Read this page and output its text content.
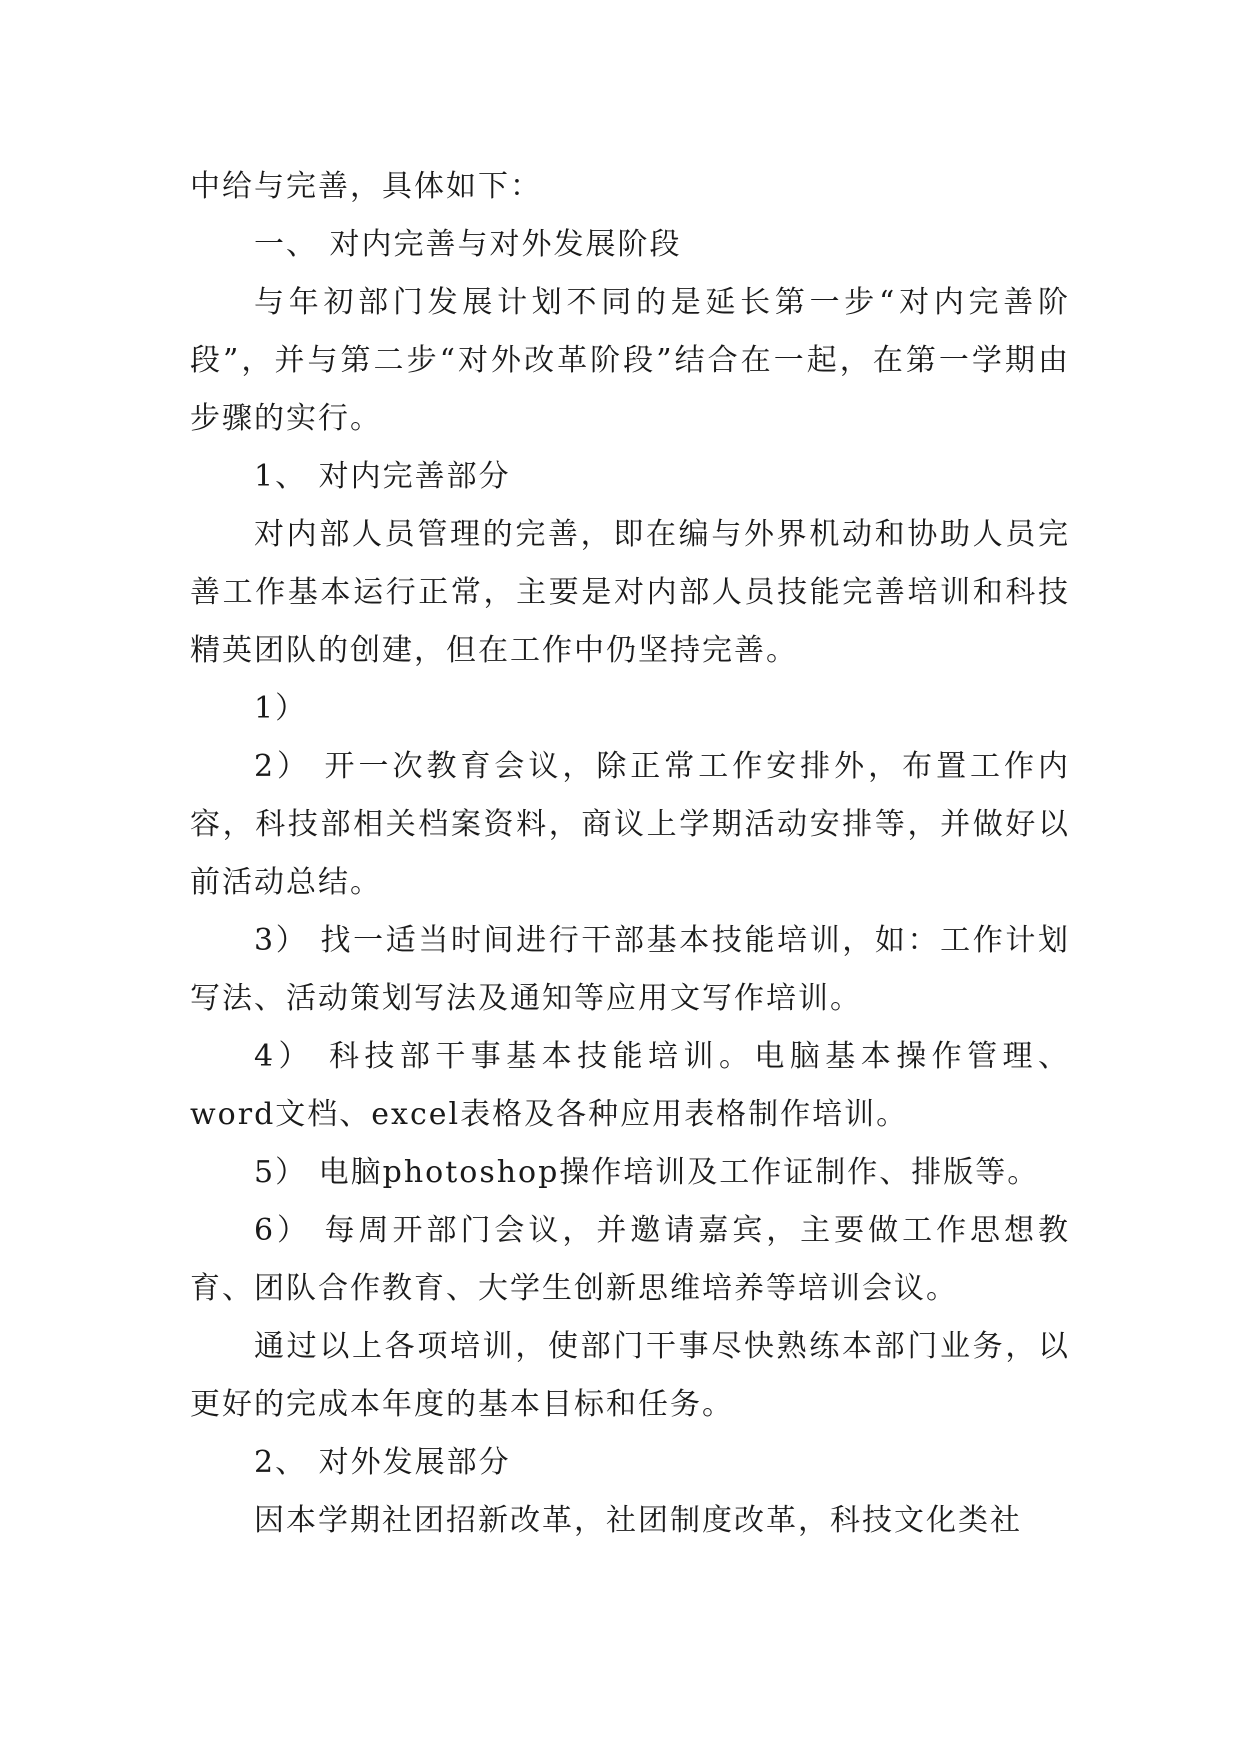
中给与完善，具体如下：

一、 对内完善与对外发展阶段

与年初部门发展计划不同的是延长第一步“对内完善阶段”，并与第二步“对外改革阶段”结合在一起，在第一学期由步骤的实行。

1、 对内完善部分

对内部人员管理的完善，即在编与外界机动和协助人员完善工作基本运行正常，主要是对内部人员技能完善培训和科技精英团队的创建，但在工作中仍坚持完善。

1）

2） 开一次教育会议，除正常工作安排外，布置工作内容，科技部相关档案资料，商议上学期活动安排等，并做好以前活动总结。

3） 找一适当时间进行干部基本技能培训，如：工作计划写法、活动策划写法及通知等应用文写作培训。

4） 科技部干事基本技能培训。电脑基本操作管理、word文档、excel表格及各种应用表格制作培训。

5） 电脑photoshop操作培训及工作证制作、排版等。

6） 每周开部门会议，并邀请嘉宾，主要做工作思想教育、团队合作教育、大学生创新思维培养等培训会议。

通过以上各项培训，使部门干事尽快熟练本部门业务，以更好的完成本年度的基本目标和任务。

2、 对外发展部分

因本学期社团招新改革，社团制度改革，科技文化类社
